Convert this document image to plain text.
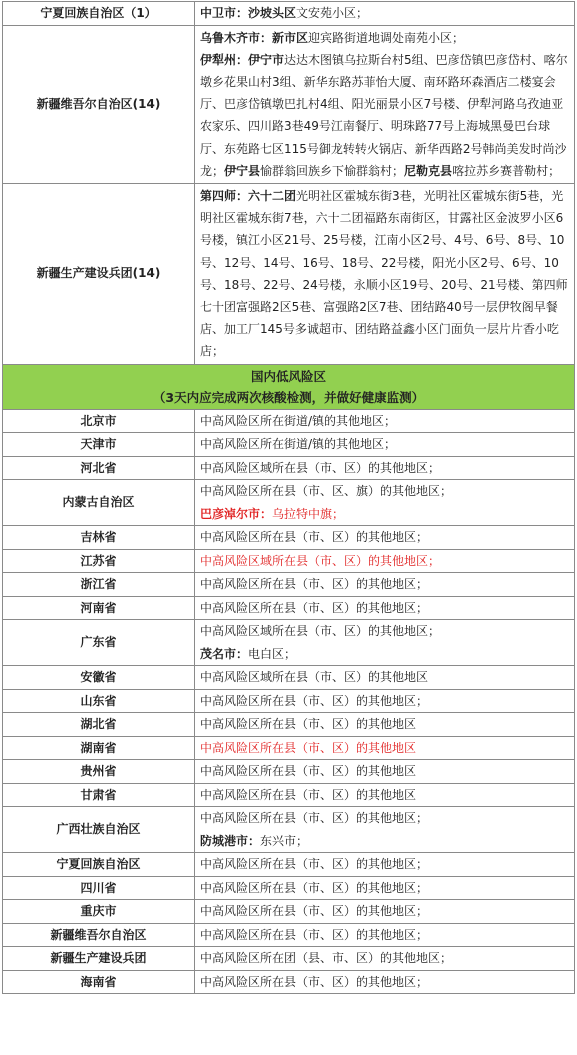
宁夏回族自治区（1）	中卫市：沙坡头区文安苑小区；
新疆维吾尔自治区(14)	乌鲁木齐市：新市区迎宾路街道地调处南苑小区；
伊犁州：伊宁市达达木图镇乌拉斯台村5组、巴彦岱镇巴彦岱村、喀尔墩乡花果山村3组、新华东路苏菲怡大厦、南环路环森酒店二楼宴会厅、巴彦岱镇墩巴扎村4组、阳光丽景小区7号楼、伊犁河路乌孜迪亚农家乐、四川路3巷49号江南餐厅、明珠路77号上海城黑曼巴台球厅、东苑路七区115号御龙转转火锅店、新华西路2号韩尚美发时尚沙龙；伊宁县愉群翁回族乡下愉群翁村；尼勒克县喀拉苏乡赛普勒村；

新疆生产建设兵团(14)	第四师：六十二团光明社区霍城东街3巷，光明社区霍城东街5巷，光明社区霍城东街7巷，六十二团福路东南街区，甘露社区金波罗小区6号楼，镇江小区21号、25号楼，江南小区2号、4号、6号、8号、10号、12号、14号、16号、18号、22号楼，阳光小区2号、6号、10号、18号、22号、24号楼，永顺小区19号、20号、21号楼、第四师七十团富强路2区5巷、富强路2区7巷、团结路40号一层伊牧阁早餐店、加工厂145号多诚超市、团结路益鑫小区门面负一层片片香小吃店；

国内低风险区
（3天内应完成两次核酸检测，并做好健康监测）	

北京市	中高风险区所在街道/镇的其他地区；

天津市	中高风险区所在街道/镇的其他地区；

河北省	中高风险区域所在县（市、区）的其他地区；

内蒙古自治区	中高风险区所在县（市、区、旗）的其他地区；
巴彦淖尔市：乌拉特中旗；

吉林省	中高风险区所在县（市、区）的其他地区；

江苏省	中高风险区域所在县（市、区）的其他地区；

浙江省	中高风险区所在县（市、区）的其他地区；

河南省	中高风险区所在县（市、区）的其他地区；

广东省	中高风险区域所在县（市、区）的其他地区；
茂名市：电白区；

安徽省	中高风险区域所在县（市、区）的其他地区

山东省	中高风险区所在县（市、区）的其他地区；

湖北省	中高风险区所在县（市、区）的其他地区

湖南省	中高风险区所在县（市、区）的其他地区

贵州省	中高风险区所在县（市、区）的其他地区

甘肃省	中高风险区所在县（市、区）的其他地区

广西壮族自治区	中高风险区所在县（市、区）的其他地区；
防城港市：东兴市；

宁夏回族自治区	中高风险区所在县（市、区）的其他地区；

四川省	中高风险区所在县（市、区）的其他地区；

重庆市	中高风险区所在县（市、区）的其他地区；

新疆维吾尔自治区	中高风险区所在县（市、区）的其他地区；

新疆生产建设兵团	中高风险区所在团（县、市、区）的其他地区；

海南省	中高风险区所在县（市、区）的其他地区；
